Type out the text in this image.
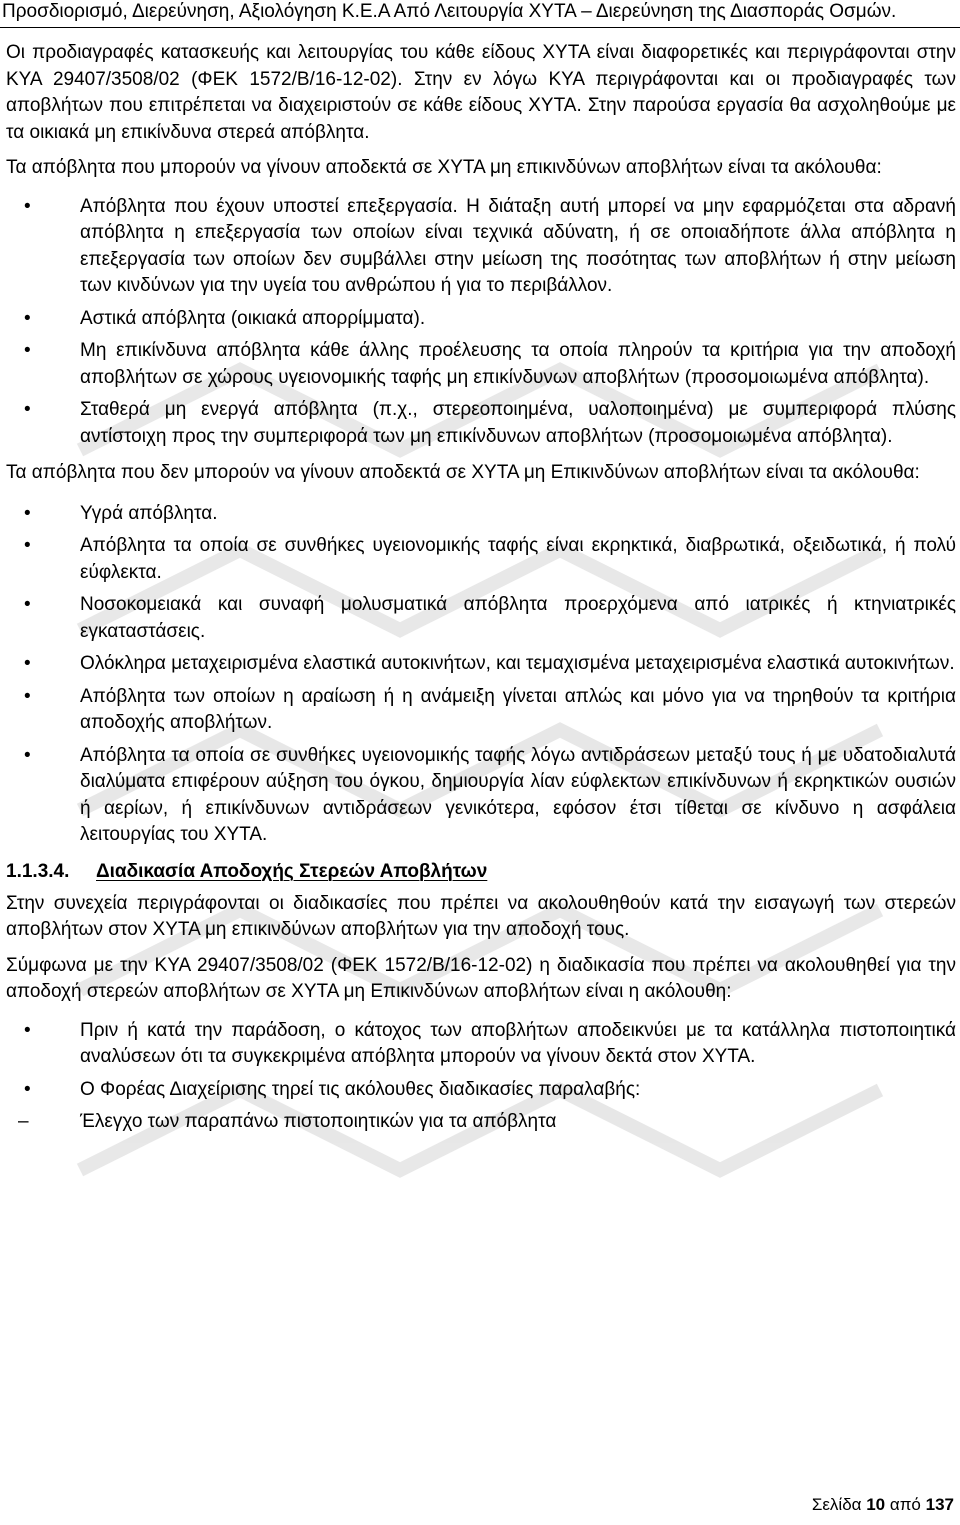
Προσδιορισμό, Διερεύνηση, Αξιολόγηση Κ.Ε.Α Από Λειτουργία ΧΥΤΑ – Διερεύνηση της Διασποράς Οσμών.

Οι προδιαγραφές κατασκευής και λειτουργίας του κάθε είδους ΧΥΤΑ είναι διαφορετικές και περιγράφονται στην ΚΥΑ 29407/3508/02 (ΦΕΚ 1572/Β/16-12-02). Στην εν λόγω ΚΥΑ περιγράφονται και οι προδιαγραφές των αποβλήτων που επιτρέπεται να διαχειριστούν σε κάθε είδους ΧΥΤΑ. Στην παρούσα εργασία θα ασχοληθούμε με τα οικιακά μη επικίνδυνα στερεά απόβλητα.

Τα απόβλητα που μπορούν να γίνουν αποδεκτά σε ΧΥΤΑ μη επικινδύνων αποβλήτων είναι τα ακόλουθα:

•	Απόβλητα που έχουν υποστεί επεξεργασία. Η διάταξη αυτή μπορεί να μην εφαρμόζεται στα αδρανή απόβλητα η επεξεργασία των οποίων είναι τεχνικά αδύνατη, ή σε οποιαδήποτε άλλα απόβλητα η επεξεργασία των οποίων δεν συμβάλλει στην μείωση της ποσότητας των αποβλήτων ή στην μείωση των κινδύνων για την υγεία του ανθρώπου ή για το περιβάλλον.
•	Αστικά απόβλητα (οικιακά απορρίμματα).
•	Μη επικίνδυνα απόβλητα κάθε άλλης προέλευσης τα οποία πληρούν τα κριτήρια για την αποδοχή αποβλήτων σε χώρους υγειονομικής ταφής μη επικίνδυνων αποβλήτων (προσομοιωμένα απόβλητα).
•	Σταθερά μη ενεργά απόβλητα (π.χ., στερεοποιημένα, υαλοποιημένα) με συμπεριφορά πλύσης αντίστοιχη προς την συμπεριφορά των μη επικίνδυνων αποβλήτων (προσομοιωμένα απόβλητα).

Τα απόβλητα που δεν μπορούν να γίνουν αποδεκτά σε ΧΥΤΑ μη Επικινδύνων αποβλήτων είναι τα ακόλουθα:

•	Υγρά απόβλητα.
•	Απόβλητα τα οποία σε συνθήκες υγειονομικής ταφής είναι εκρηκτικά, διαβρωτικά, οξειδωτικά, ή πολύ εύφλεκτα.
•	Νοσοκομειακά και συναφή μολυσματικά απόβλητα προερχόμενα από ιατρικές ή κτηνιατρικές εγκαταστάσεις.
•	Ολόκληρα μεταχειρισμένα ελαστικά αυτοκινήτων, και τεμαχισμένα μεταχειρισμένα ελαστικά αυτοκινήτων.
•	Απόβλητα των οποίων η αραίωση ή η ανάμειξη γίνεται απλώς και μόνο για να τηρηθούν τα κριτήρια αποδοχής αποβλήτων.
•	Απόβλητα τα οποία σε συνθήκες υγειονομικής ταφής λόγω αντιδράσεων μεταξύ τους ή με υδατοδιαλυτά διαλύματα επιφέρουν αύξηση του όγκου, δημιουργία λίαν εύφλεκτων επικίνδυνων ή εκρηκτικών ουσιών ή αερίων, ή επικίνδυνων αντιδράσεων γενικότερα, εφόσον έτσι τίθεται σε κίνδυνο η ασφάλεια λειτουργίας του ΧΥΤΑ.
1.1.3.4. Διαδικασία Αποδοχής Στερεών Αποβλήτων

Στην συνεχεία περιγράφονται οι διαδικασίες που πρέπει να ακολουθηθούν κατά την εισαγωγή των στερεών αποβλήτων στον ΧΥΤΑ μη επικινδύνων αποβλήτων για την αποδοχή τους.

Σύμφωνα με την ΚΥΑ 29407/3508/02 (ΦΕΚ 1572/Β/16-12-02) η διαδικασία που πρέπει να ακολουθηθεί για την αποδοχή στερεών αποβλήτων σε ΧΥΤΑ μη Επικινδύνων αποβλήτων είναι η ακόλουθη:

•	Πριν ή κατά την παράδοση, ο κάτοχος των αποβλήτων αποδεικνύει με τα κατάλληλα πιστοποιητικά αναλύσεων ότι τα συγκεκριμένα απόβλητα μπορούν να γίνουν δεκτά στον ΧΥΤΑ.
•	Ο Φορέας Διαχείρισης τηρεί τις ακόλουθες διαδικασίες παραλαβής:
–	Έλεγχο των παραπάνω πιστοποιητικών για τα απόβλητα
Σελίδα 10 από 137
